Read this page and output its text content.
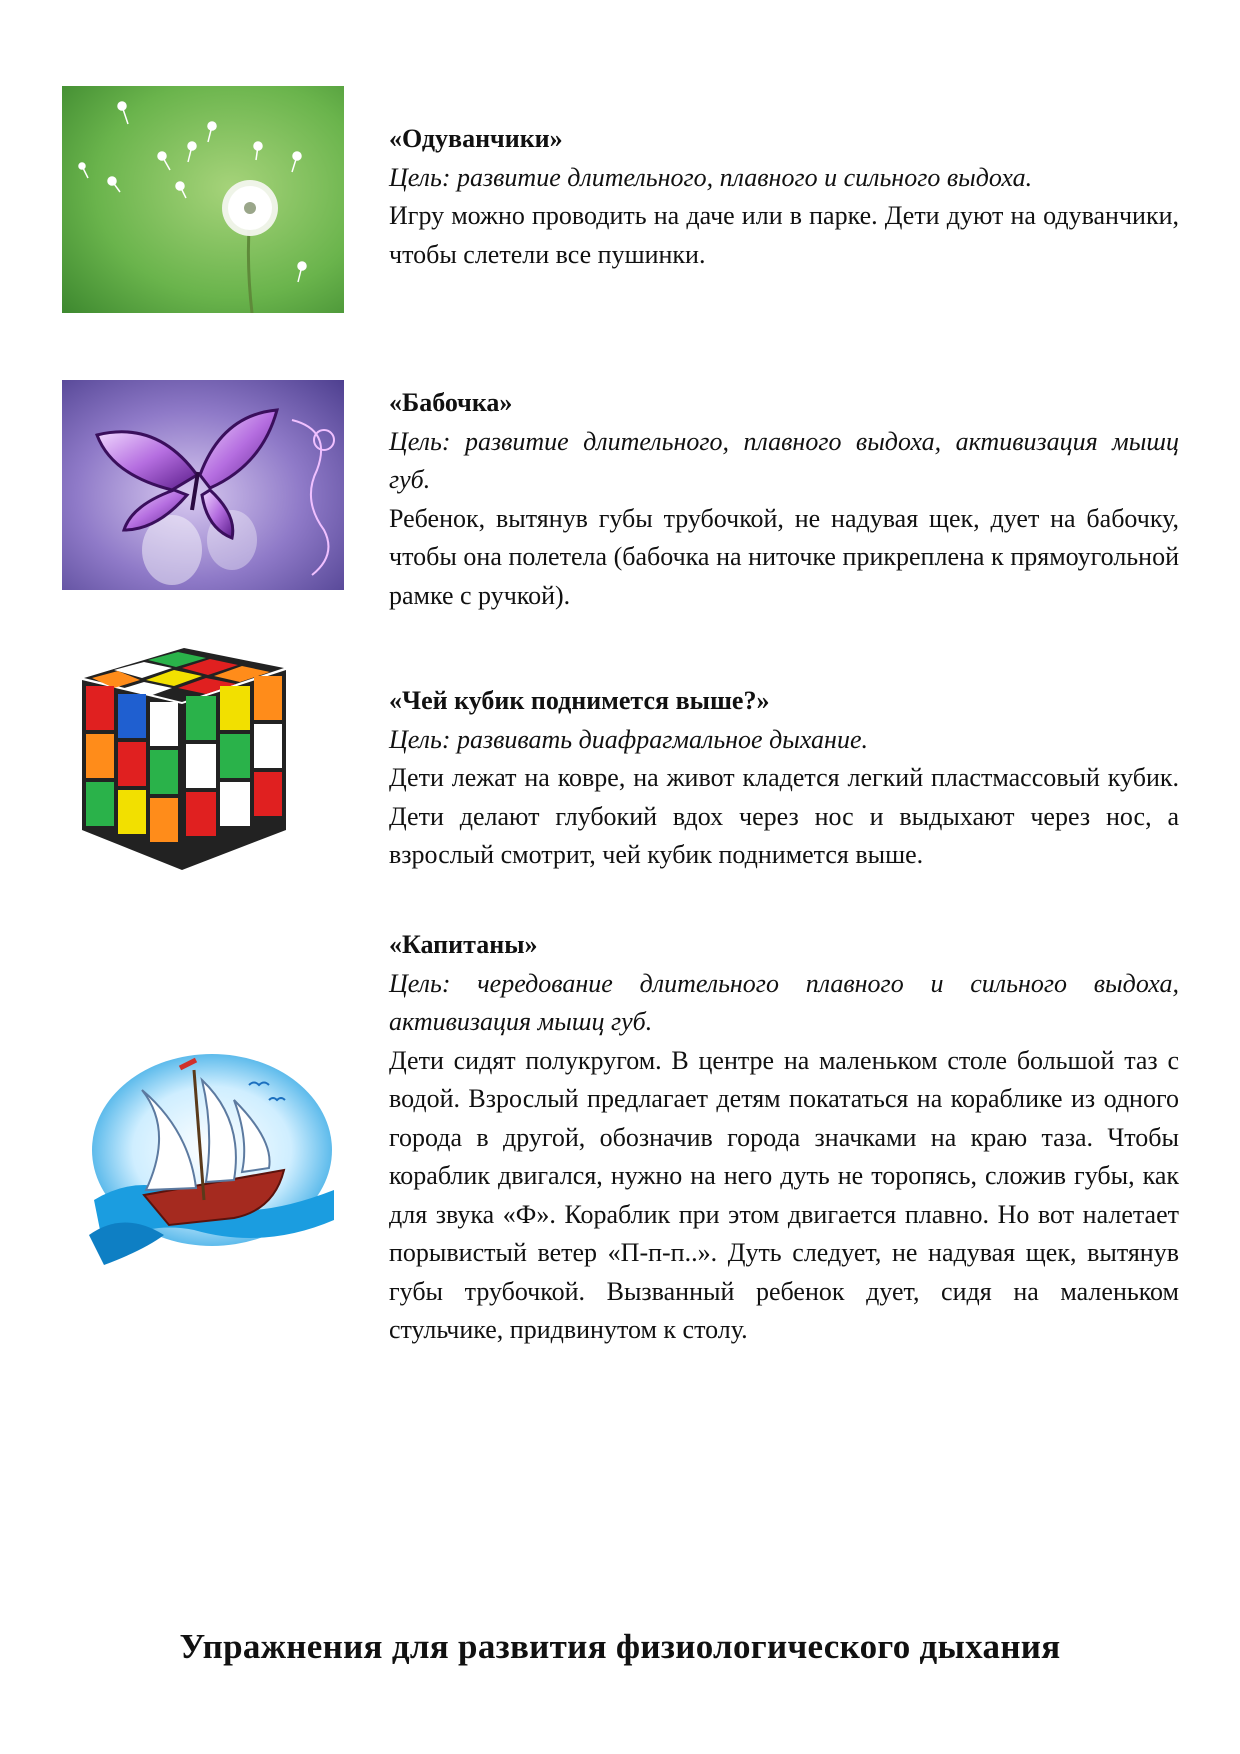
«Одуванчики»

Цель: развитие длительного, плавного и сильного выдоха.

Игру можно проводить на даче или в парке. Дети дуют на одуванчики, чтобы слетели все пушинки.

«Бабочка»

Цель: развитие длительного, плавного выдоха, активизация мышц губ.

Ребенок, вытянув губы трубочкой, не надувая щек, дует на бабочку, чтобы она полетела (бабочка на ниточке прикреплена к прямоугольной рамке с ручкой).

«Чей кубик поднимется выше?»

Цель: развивать диафрагмальное дыхание.

Дети лежат на ковре, на живот кладется легкий пластмассовый кубик. Дети делают глубокий вдох через нос и выдыхают через нос, а взрослый смотрит, чей кубик поднимется выше.

«Капитаны»

Цель: чередование длительного плавного и сильного выдоха, активизация мышц губ.

Дети сидят полукругом. В центре на маленьком столе большой таз с водой. Взрослый предлагает детям покататься на кораблике из одного города в другой, обозначив города значками на краю таза. Чтобы кораблик двигался, нужно на него дуть не торопясь, сложив губы, как для звука «Ф». Кораблик при этом двигается плавно. Но вот налетает порывистый ветер «П-п-п..». Дуть следует, не надувая щек, вытянув губы трубочкой. Вызванный ребенок дует, сидя на маленьком стульчике, придвинутом к столу.

Упражнения для развития физиологического дыхания
